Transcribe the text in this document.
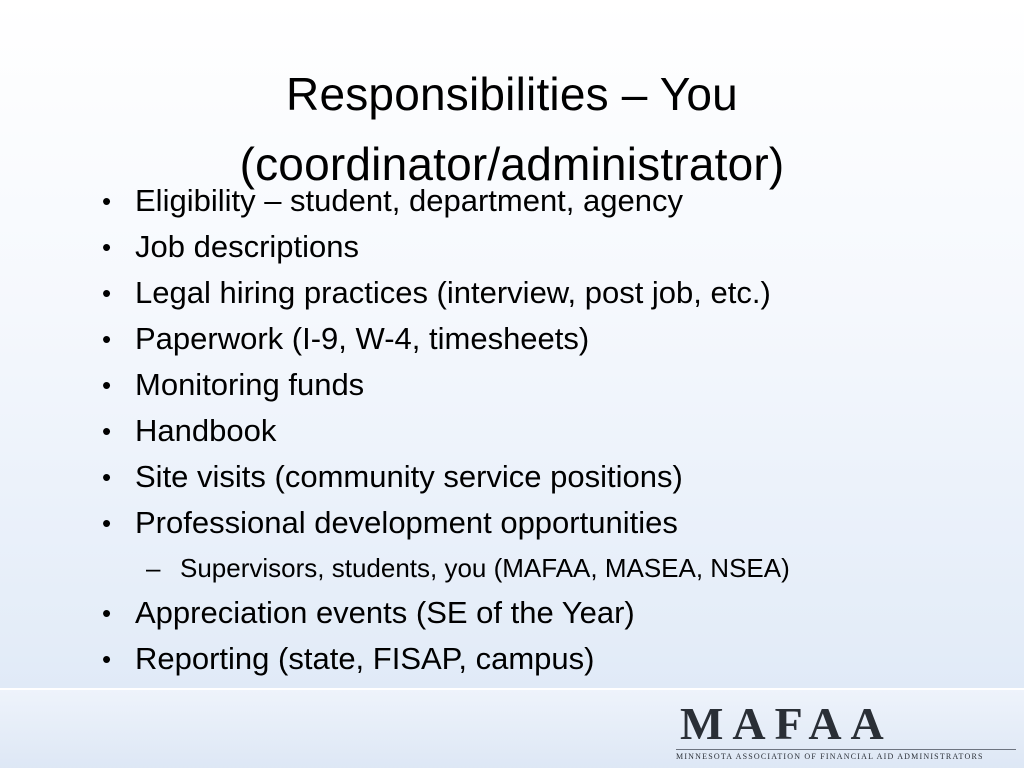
Responsibilities – You
(coordinator/administrator)
• Eligibility – student, department, agency
• Job descriptions
• Legal hiring practices (interview, post job, etc.)
• Paperwork (I-9, W-4, timesheets)
• Monitoring funds
• Handbook
• Site visits (community service positions)
• Professional development opportunities
– Supervisors, students, you (MAFAA, MASEA, NSEA)
• Appreciation events (SE of the Year)
• Reporting (state, FISAP, campus)
MAFAA
MINNESOTA ASSOCIATION OF FINANCIAL AID ADMINISTRATORS
